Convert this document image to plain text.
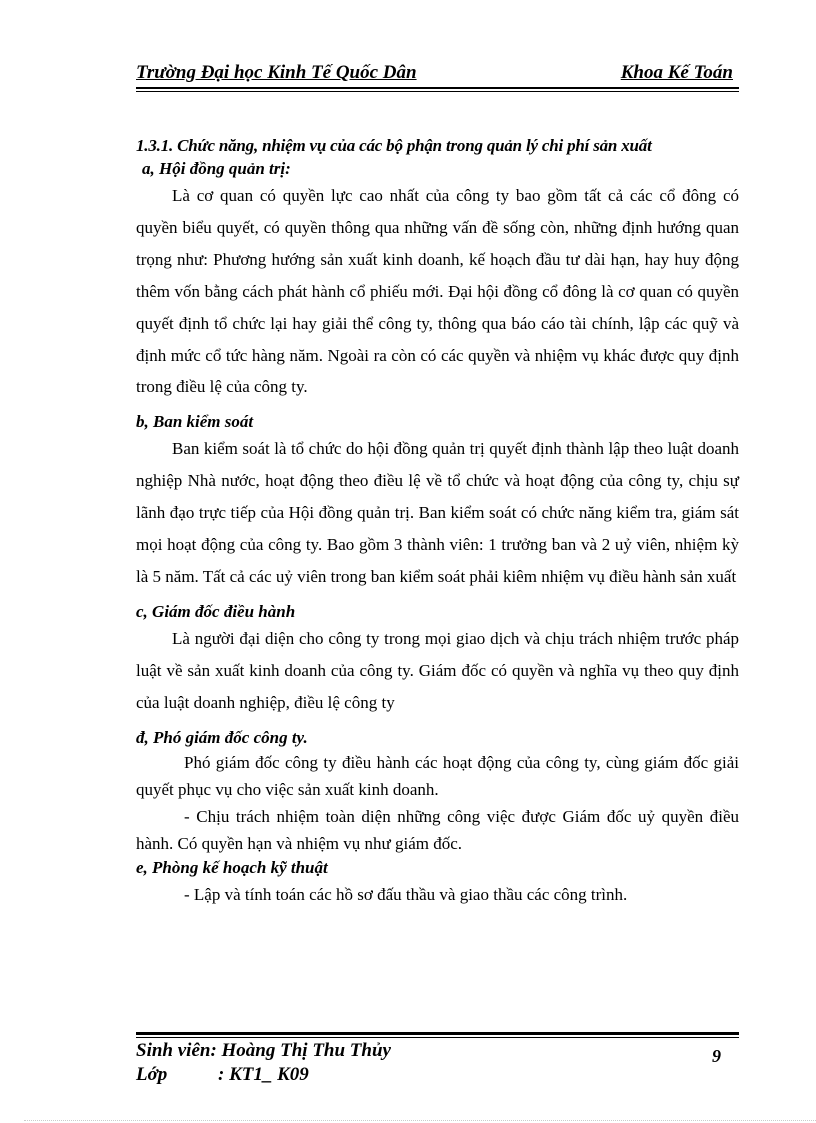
Trường Đại học Kinh Tế Quốc Dân	Khoa Kế Toán

1.3.1. Chức năng, nhiệm vụ của các bộ phận trong quản lý chi phí sản xuất

a, Hội đồng quản trị:

Là cơ quan có quyền lực cao nhất của công ty bao gồm tất cả các cổ đông có quyền biểu quyết, có quyền thông qua những vấn đề sống còn, những định hướng quan trọng như: Phương hướng sản xuất kinh doanh, kế hoạch đầu tư dài hạn, hay huy động thêm vốn bằng cách phát hành cổ phiếu mới. Đại hội đồng cổ đông là cơ quan có quyền quyết định tổ chức lại hay giải thể công ty, thông qua báo cáo tài chính, lập các quỹ và định mức cổ tức hàng năm. Ngoài ra còn có các quyền và nhiệm vụ khác được quy định trong điều lệ của công ty.

b, Ban kiểm soát

Ban kiểm soát là tổ chức do hội đồng quản trị quyết định thành lập theo luật doanh nghiệp Nhà nước, hoạt động theo điều lệ về tổ chức và hoạt động của công ty, chịu sự lãnh đạo trực tiếp của Hội đồng quản trị. Ban kiểm soát có chức năng kiểm tra, giám sát mọi hoạt động của công ty. Bao gồm 3 thành viên: 1 trưởng ban và 2 uỷ viên, nhiệm kỳ là 5 năm. Tất cả các uỷ viên trong ban kiểm soát phải kiêm nhiệm vụ điều hành sản xuất

c, Giám đốc điều hành

Là người đại diện cho công ty trong mọi giao dịch và chịu trách nhiệm trước pháp luật về sản xuất kinh doanh của công ty. Giám đốc có quyền và nghĩa vụ theo quy định của luật doanh nghiệp, điều lệ công ty

đ, Phó giám đốc công ty.

Phó giám đốc công ty điều hành các hoạt động của công ty, cùng giám đốc giải quyết phục vụ cho việc sản xuất kinh doanh.

- Chịu trách nhiệm toàn diện những công việc được Giám đốc uỷ quyền điều hành. Có quyền hạn và nhiệm vụ như giám đốc.

e, Phòng kế hoạch kỹ thuật

- Lập và tính toán các hồ sơ đấu thầu và giao thầu các công trình.

Sinh viên: Hoàng Thị Thu Thủy
Lớp	: KT1_ K09
9
